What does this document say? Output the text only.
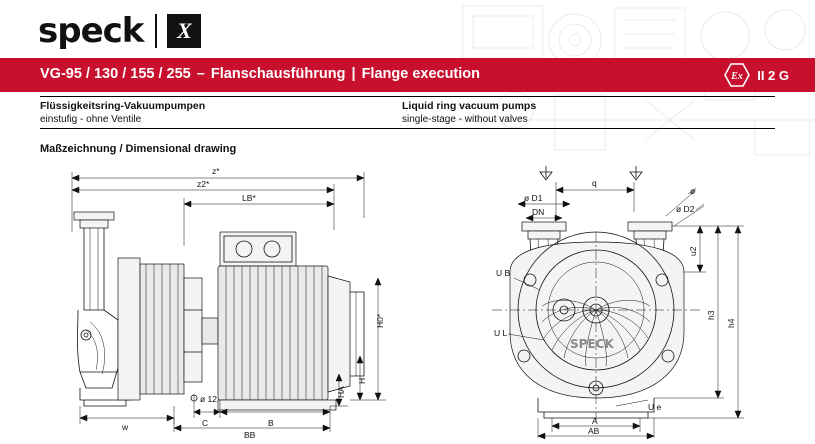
speck	X
VG-95 / 130 / 155 / 255 – Flanschausführung | Flange execution	Ex II 2 G
Flüssigkeitsring-Vakuumpumpen
einstufig - ohne Ventile
Liquid ring vacuum pumps
single-stage - without valves
Maßzeichnung / Dimensional drawing
z*
z2*
LB*
H0*
H
HA
w	C	B
BB
ø 12
q
ø D1
DN
ø
ø D2
SPECK
U B
U L
U e
u2
h3
h4
A
AB
